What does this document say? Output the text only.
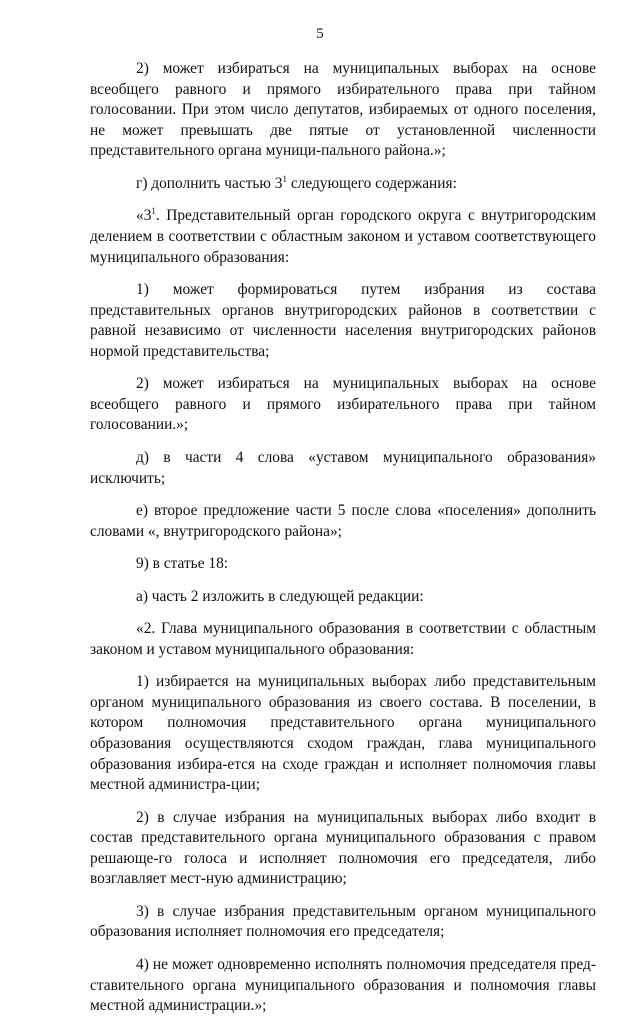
5

2) может избираться на муниципальных выборах на основе всеобщего равного и прямого избирательного права при тайном голосовании. При этом число депутатов, избираемых от одного поселения, не может превышать две пятые от установленной численности представительного органа муници-пального района.»;

г) дополнить частью $3^1$ следующего содержания:

«$3^1$. Представительный орган городского округа с внутригородским делением в соответствии с областным законом и уставом соответствующего муниципального образования:

1) может формироваться путем избрания из состава представительных органов внутригородских районов в соответствии с равной независимо от численности населения внутригородских районов нормой представительства;

2) может избираться на муниципальных выборах на основе всеобщего равного и прямого избирательного права при тайном голосовании.»;

д) в части 4 слова «уставом муниципального образования» исключить;

е) второе предложение части 5 после слова «поселения» дополнить словами «, внутригородского района»;

9) в статье 18:

а) часть 2 изложить в следующей редакции:

«2. Глава муниципального образования в соответствии с областным законом и уставом муниципального образования:

1) избирается на муниципальных выборах либо представительным органом муниципального образования из своего состава. В поселении, в котором полномочия представительного органа муниципального образования осуществляются сходом граждан, глава муниципального образования избира-ется на сходе граждан и исполняет полномочия главы местной администра-ции;

2) в случае избрания на муниципальных выборах либо входит в состав представительного органа муниципального образования с правом решающе-го голоса и исполняет полномочия его председателя, либо возглавляет мест-ную администрацию;

3) в случае избрания представительным органом муниципального образования исполняет полномочия его председателя;

4) не может одновременно исполнять полномочия председателя пред-ставительного органа муниципального образования и полномочия главы местной администрации.»;
